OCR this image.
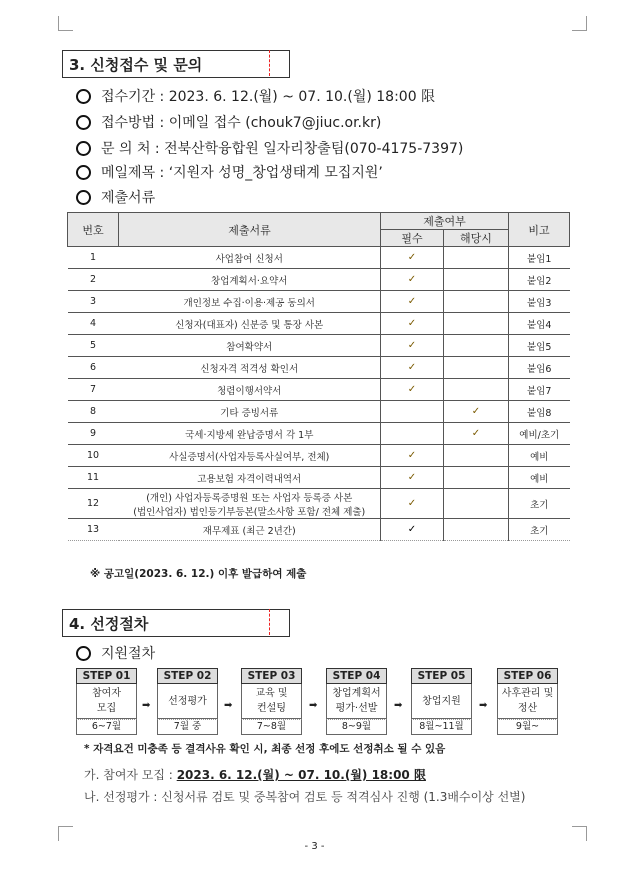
3. 신청접수 및 문의
접수기간 : 2023. 6. 12.(월) ~ 07. 10.(월) 18:00 限
접수방법 : 이메일 접수 (chouk7@jiuc.or.kr)
문 의 처 : 전북산학융합원 일자리창출팀(070-4175-7397)
메일제목 : ‘지원자 성명_창업생태계 모집지원’
제출서류
번호	제출서류	제출여부		비고
		필수	해당시	
1	사업참여 신청서	✓		붙임1
2	창업계획서·요약서	✓		붙임2
3	개인정보 수집·이용·제공 동의서	✓		붙임3
4	신청자(대표자) 신분증 및 통장 사본	✓		붙임4
5	참여확약서	✓		붙임5
6	신청자격 적격성 확인서	✓		붙임6
7	청렴이행서약서	✓		붙임7
8	기타 증빙서류		✓	붙임8
9	국세·지방세 완납증명서 각 1부		✓	예비/초기
10	사실증명서(사업자등록사실여부, 전체)	✓		예비
11	고용보험 자격이력내역서	✓		예비
12	(개인) 사업자등록증명원 또는 사업자 등록증 사본
(법인사업자) 법인등기부등본(말소사항 포함/ 전체 제출)	✓		초기
13	재무제표 (최근 2년간)	✓		초기
※ 공고일(2023. 6. 12.) 이후 발급하여 제출
4. 선정절차
지원절차
STEP 01
참여자
모집
6~7월
➡
STEP 02
선정평가
7월 중
➡
STEP 03
교육 및
컨설팅
7~8월
➡
STEP 04
창업계획서
평가·선발
8~9월
➡
STEP 05
창업지원
8월~11월
➡
STEP 06
사후관리 및
정산
9월~
* 자격요건 미충족 등 결격사유 확인 시, 최종 선정 후에도 선정취소 될 수 있음
가. 참여자 모집 : 2023. 6. 12.(월) ~ 07. 10.(월) 18:00 限
나. 선정평가 : 신청서류 검토 및 중복참여 검토 등 적격심사 진행 (1.3배수이상 선별)
- 3 -
